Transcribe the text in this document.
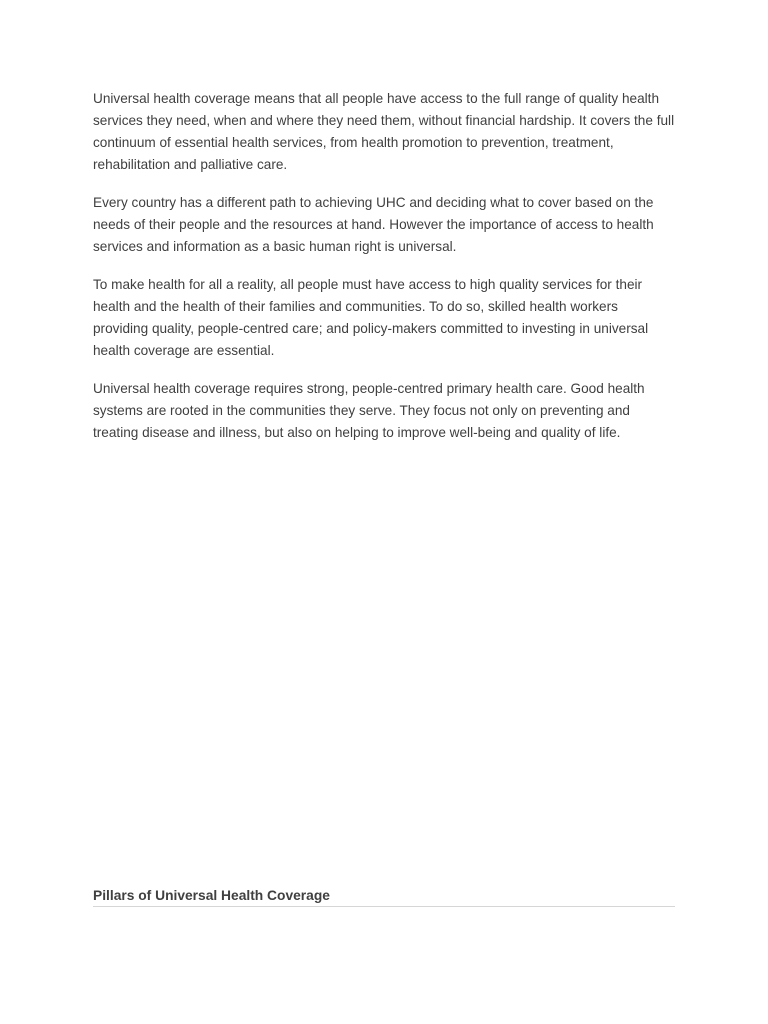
Universal health coverage means that all people have access to the full range of quality health services they need, when and where they need them, without financial hardship. It covers the full continuum of essential health services, from health promotion to prevention, treatment, rehabilitation and palliative care.

Every country has a different path to achieving UHC and deciding what to cover based on the needs of their people and the resources at hand. However the importance of access to health services and information as a basic human right is universal.

To make health for all a reality, all people must have access to high quality services for their health and the health of their families and communities. To do so, skilled health workers providing quality, people-centred care; and policy-makers committed to investing in universal health coverage are essential.

Universal health coverage requires strong, people-centred primary health care. Good health systems are rooted in the communities they serve. They focus not only on preventing and treating disease and illness, but also on helping to improve well-being and quality of life.

Pillars of Universal Health Coverage
